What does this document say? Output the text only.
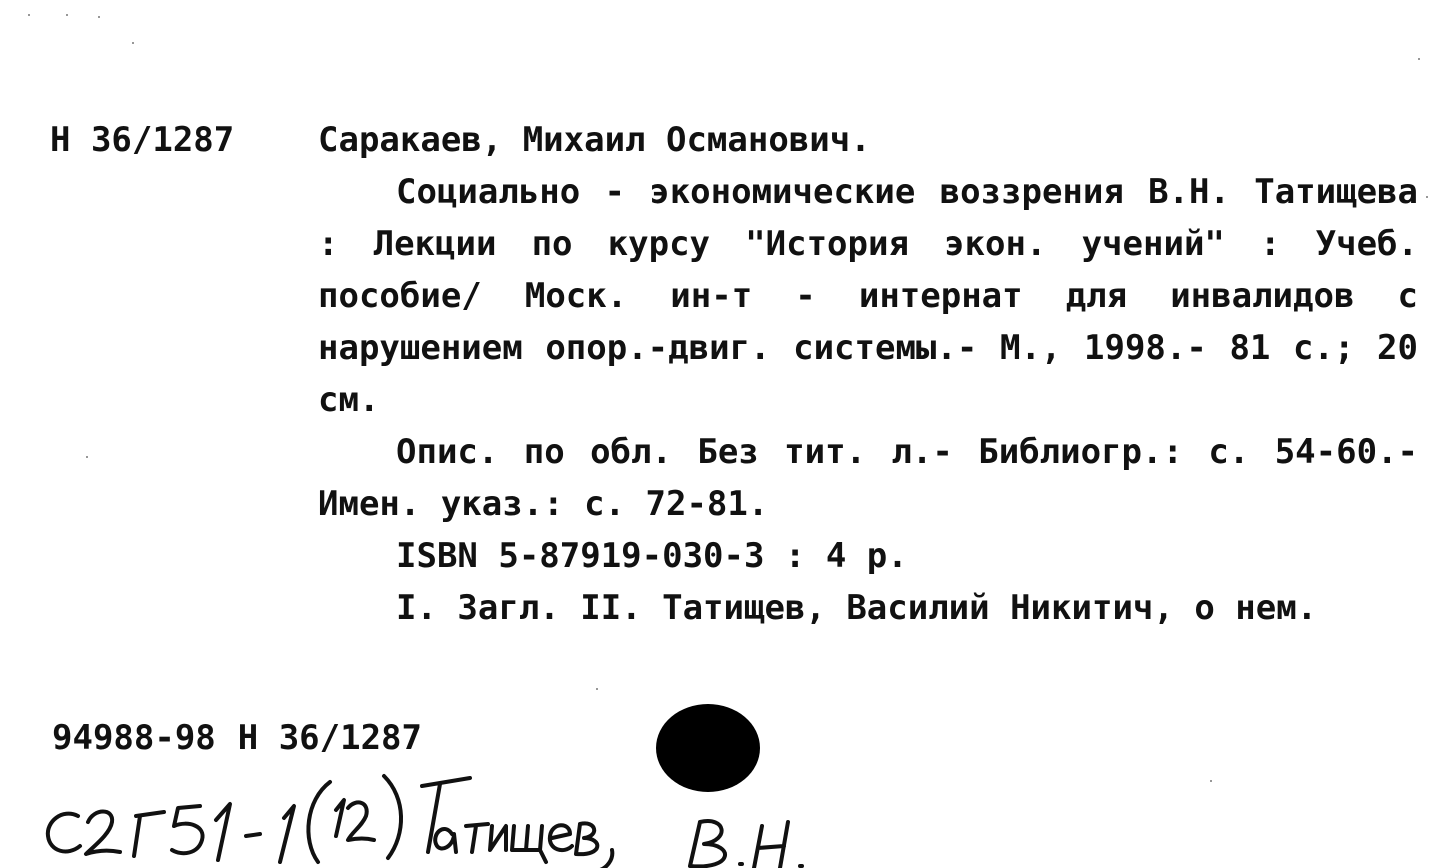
Н 36/1287 Саракаев, Михаил Османович.

Социально - экономические воззрения В.Н. Татищева : Лекции по курсу "История экон. учений" : Учеб. пособие/ Моск. ин-т - интернат для инвалидов с нарушением опор.-двиг. системы.- М., 1998.- 81 с.; 20 см.

Опис. по обл. Без тит. л.- Библиогр.: с. 54-60.- Имен. указ.: с. 72-81.

ISBN 5-87919-030-3 : 4 р.

I. Загл. II. Татищев, Василий Никитич, о нем.

94988-98 Н 36/1287
